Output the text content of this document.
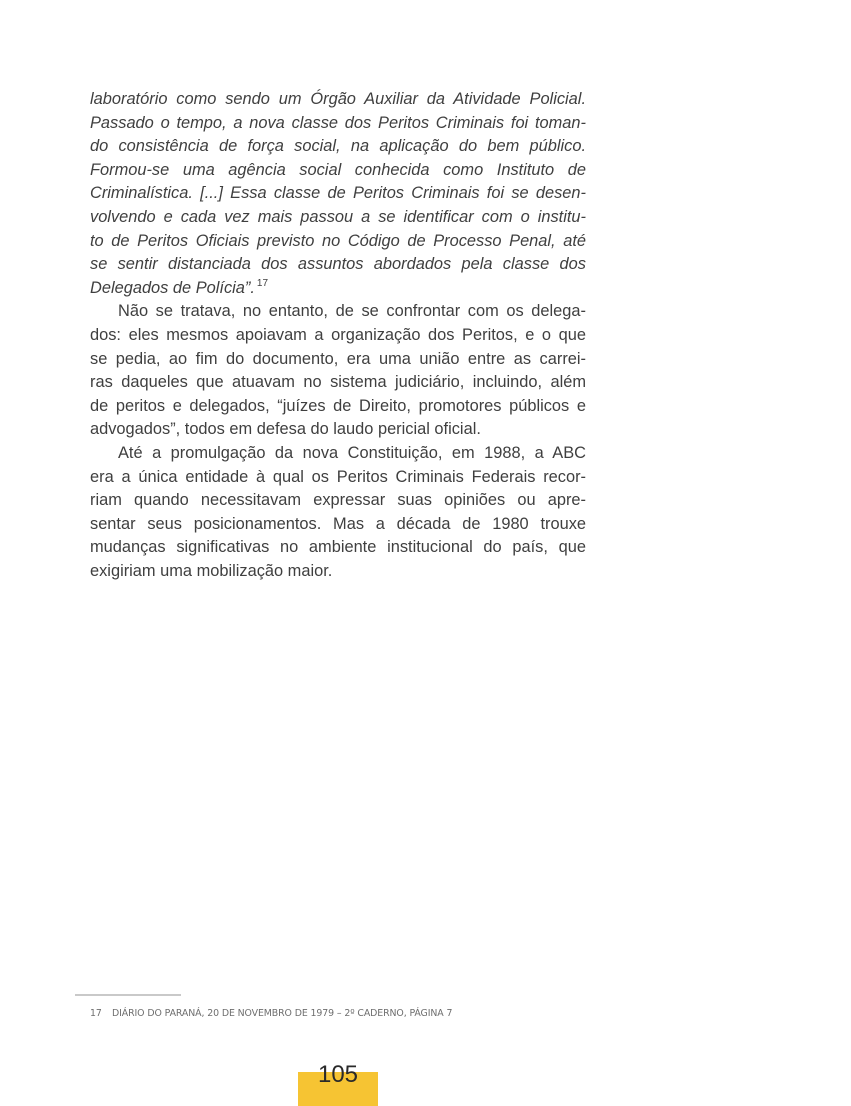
laboratório como sendo um Órgão Auxiliar da Atividade Policial.
Passado o tempo, a nova classe dos Peritos Criminais foi toman-
do consistência de força social, na aplicação do bem público.
Formou-se uma agência social conhecida como Instituto de
Criminalística. [...] Essa classe de Peritos Criminais foi se desen-
volvendo e cada vez mais passou a se identificar com o institu-
to de Peritos Oficiais previsto no Código de Processo Penal, até
se sentir distanciada dos assuntos abordados pela classe dos
Delegados de Polícia”. $^{17}$
Não se tratava, no entanto, de se confrontar com os delega-
dos: eles mesmos apoiavam a organização dos Peritos, e o que
se pedia, ao fim do documento, era uma união entre as carrei-
ras daqueles que atuavam no sistema judiciário, incluindo, além
de peritos e delegados, “juízes de Direito, promotores públicos e
advogados”, todos em defesa do laudo pericial oficial.
Até a promulgação da nova Constituição, em 1988, a ABC
era a única entidade à qual os Peritos Criminais Federais recor-
riam quando necessitavam expressar suas opiniões ou apre-
sentar seus posicionamentos. Mas a década de 1980 trouxe
mudanças significativas no ambiente institucional do país, que
exigiriam uma mobilização maior.
17 DIÁRIO DO PARANÁ, 20 DE NOVEMBRO DE 1979 – 2º CADERNO, PÁGINA 7
105
